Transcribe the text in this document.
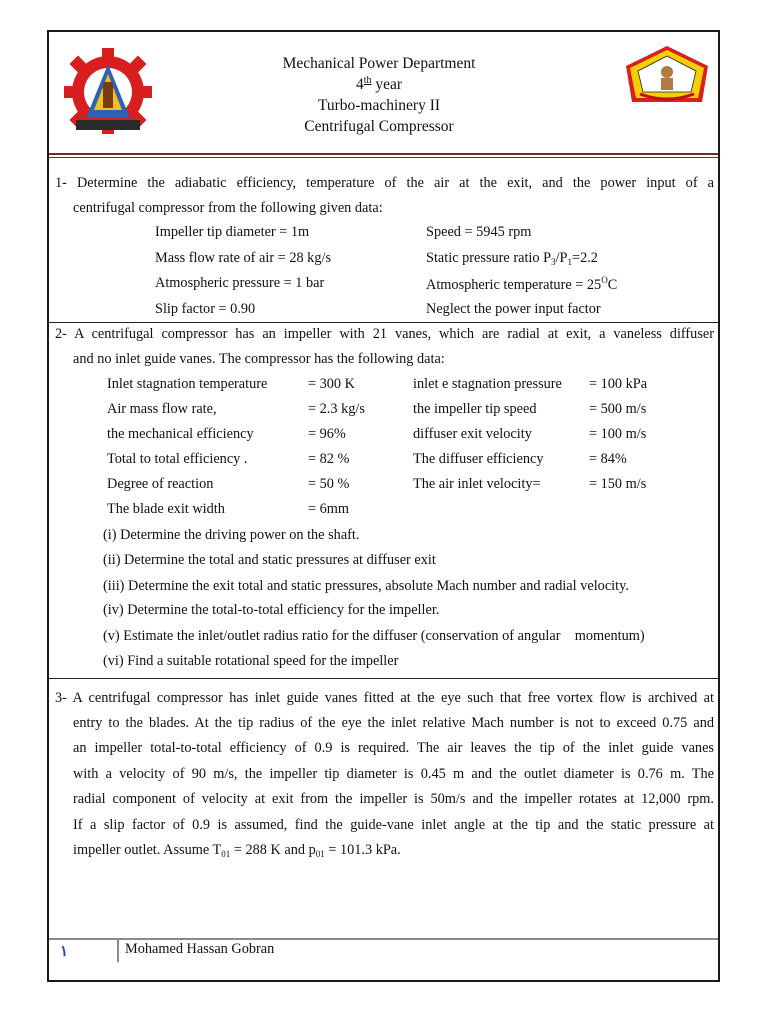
Mechanical Power Department
4th year
Turbo-machinery II
Centrifugal Compressor
1- Determine the adiabatic efficiency, temperature of the air at the exit, and the power input of a
centrifugal compressor from the following given data:
Impeller tip diameter = 1m	Speed = 5945 rpm
Mass flow rate of air = 28 kg/s	Static pressure ratio $P_3/P_1=2.2$
Atmospheric pressure = 1 bar	Atmospheric temperature = $25^OC$
Slip factor = 0.90	Neglect the power input factor
2- A centrifugal compressor has an impeller with 21 vanes, which are radial at exit, a vaneless diffuser
and no inlet guide vanes. The compressor has the following data:
Inlet stagnation temperature	= 300 K	inlet e stagnation pressure = 100 kPa
Air mass flow rate,	= 2.3 kg/s	the impeller tip speed	= 500 m/s
the mechanical efficiency	= 96%	diffuser exit velocity	= 100 m/s
Total to total efficiency .	= 82 %	The diffuser efficiency	= 84%
Degree of reaction	= 50 %	The air inlet velocity=	= 150 m/s
The blade exit width	= 6mm
(i) Determine the driving power on the shaft.
(ii) Determine the total and static pressures at diffuser exit
(iii) Determine the exit total and static pressures, absolute Mach number and radial velocity.
(iv) Determine the total-to-total efficiency for the impeller.
(v) Estimate the inlet/outlet radius ratio for the diffuser (conservation of angular    momentum)
(vi) Find a suitable rotational speed for the impeller
3- A centrifugal compressor has inlet guide vanes fitted at the eye such that free vortex flow is archived at
entry to the blades. At the tip radius of the eye the inlet relative Mach number is not to exceed 0.75 and
an impeller total-to-total efficiency of 0.9 is required. The air leaves the tip of the inlet guide vanes
with a velocity of 90 m/s, the impeller tip diameter is 0.45 m and the outlet diameter is 0.76 m. The
radial component of velocity at exit from the impeller is 50m/s and the impeller rotates at 12,000 rpm.
If a slip factor of 0.9 is assumed, find the guide-vane inlet angle at the tip and the static pressure at
impeller outlet. Assume $T_{01} = 288$ K and $p_{01} = 101.3$ kPa.
١	Mohamed Hassan Gobran
